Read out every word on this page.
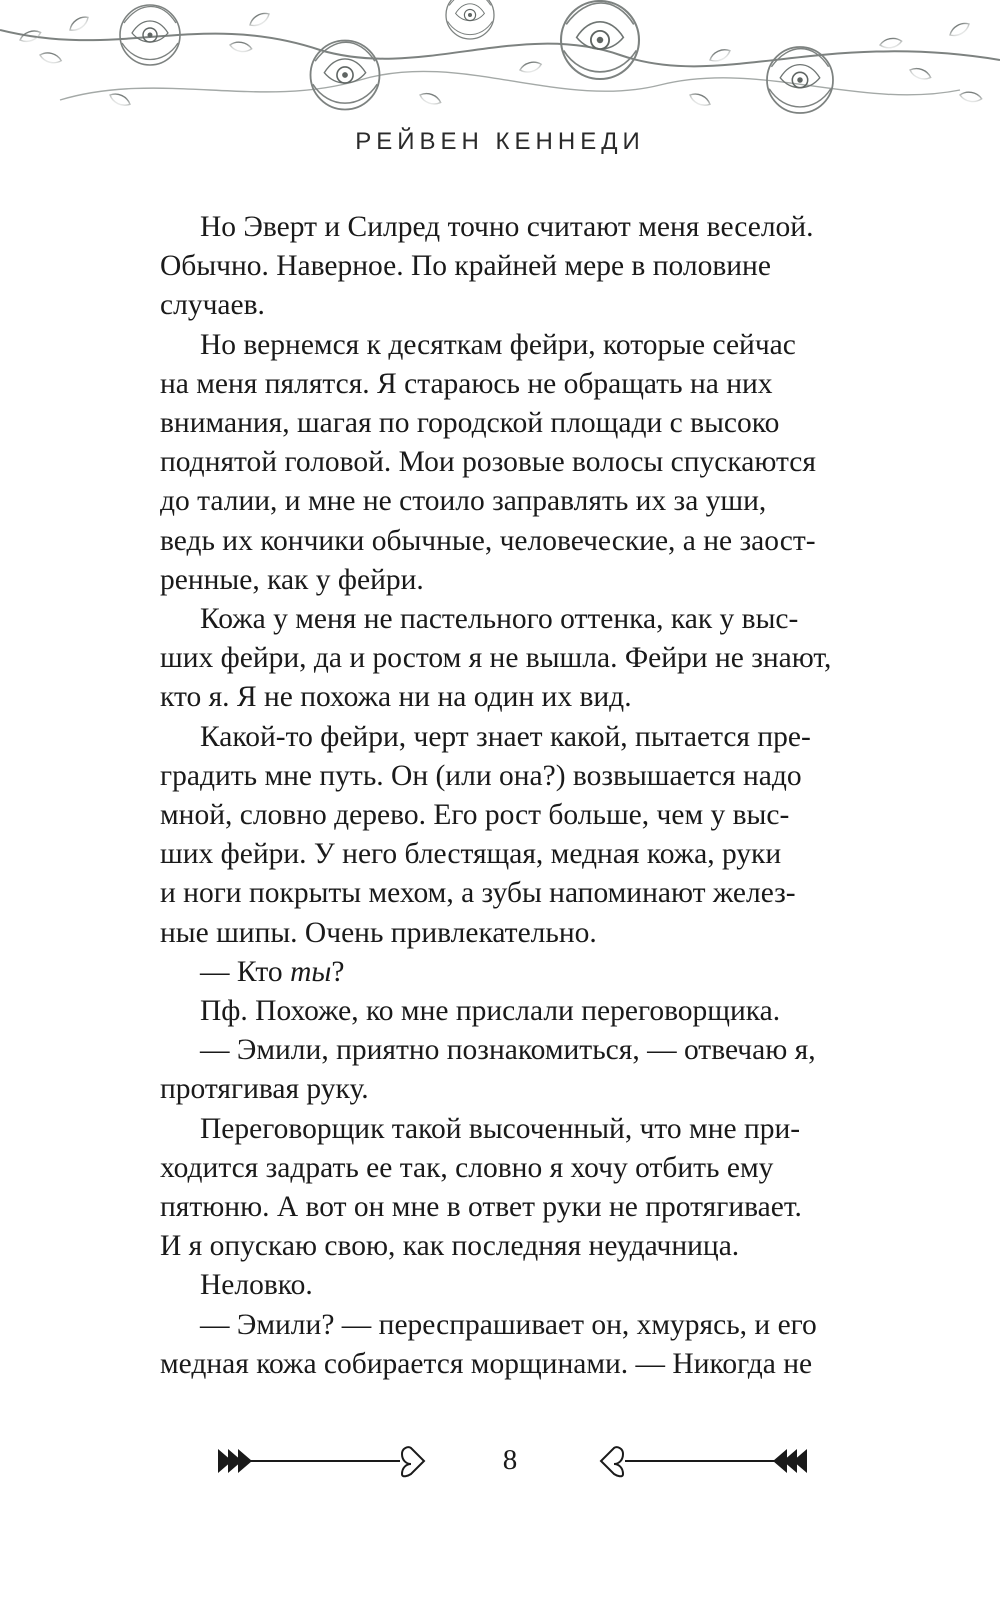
РЕЙВЕН КЕННЕДИ

Но Эверт и Силред точно считают меня веселой.
Обычно. Наверное. По крайней мере в половине
случаев.

Но вернемся к десяткам фейри, которые сейчас
на меня пялятся. Я стараюсь не обращать на них
внимания, шагая по городской площади с высоко
поднятой головой. Мои розовые волосы спускаются
до талии, и мне не стоило заправлять их за уши,
ведь их кончики обычные, человеческие, а не заост-
ренные, как у фейри.

Кожа у меня не пастельного оттенка, как у выс-
ших фейри, да и ростом я не вышла. Фейри не знают,
кто я. Я не похожа ни на один их вид.

Какой-то фейри, черт знает какой, пытается пре-
градить мне путь. Он (или она?) возвышается надо
мной, словно дерево. Его рост больше, чем у выс-
ших фейри. У него блестящая, медная кожа, руки
и ноги покрыты мехом, а зубы напоминают желез-
ные шипы. Очень привлекательно.

— Кто ты?

Пф. Похоже, ко мне прислали переговорщика.

— Эмили, приятно познакомиться, — отвечаю я,
протягивая руку.

Переговорщик такой высоченный, что мне при-
ходится задрать ее так, словно я хочу отбить ему
пятюню. А вот он мне в ответ руки не протягивает.
И я опускаю свою, как последняя неудачница.

Неловко.

— Эмили? — переспрашивает он, хмурясь, и его
медная кожа собирается морщинами. — Никогда не

8
